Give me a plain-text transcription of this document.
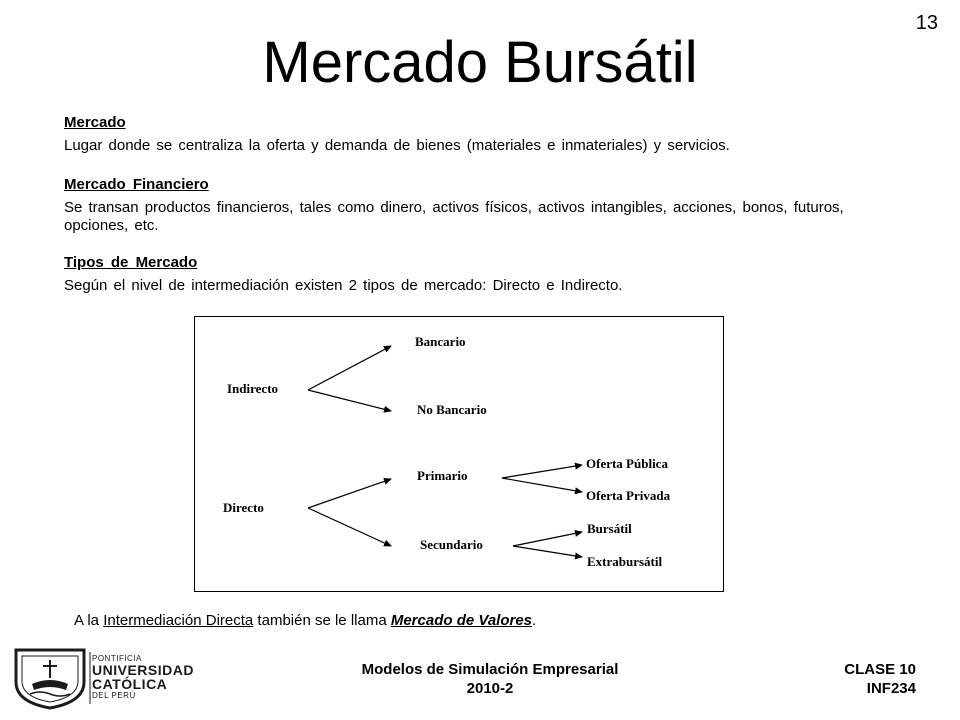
13
Mercado Bursátil
Mercado
Lugar donde se centraliza la oferta y demanda de bienes (materiales e inmateriales) y servicios.
Mercado Financiero
Se transan productos financieros, tales como dinero, activos físicos, activos intangibles, acciones, bonos, futuros, opciones, etc.
Tipos de Mercado
Según el nivel de intermediación existen 2 tipos de mercado: Directo e Indirecto.
Indirecto
Bancario
No Bancario
Directo
Primario
Oferta Pública
Oferta Privada
Secundario
Bursátil
Extrabursátil
A la Intermediación Directa también se le llama Mercado de Valores.
PONTIFICIA
UNIVERSIDAD
CATÓLICA
DEL PERÚ
Modelos de Simulación Empresarial
2010-2
CLASE 10
INF234
